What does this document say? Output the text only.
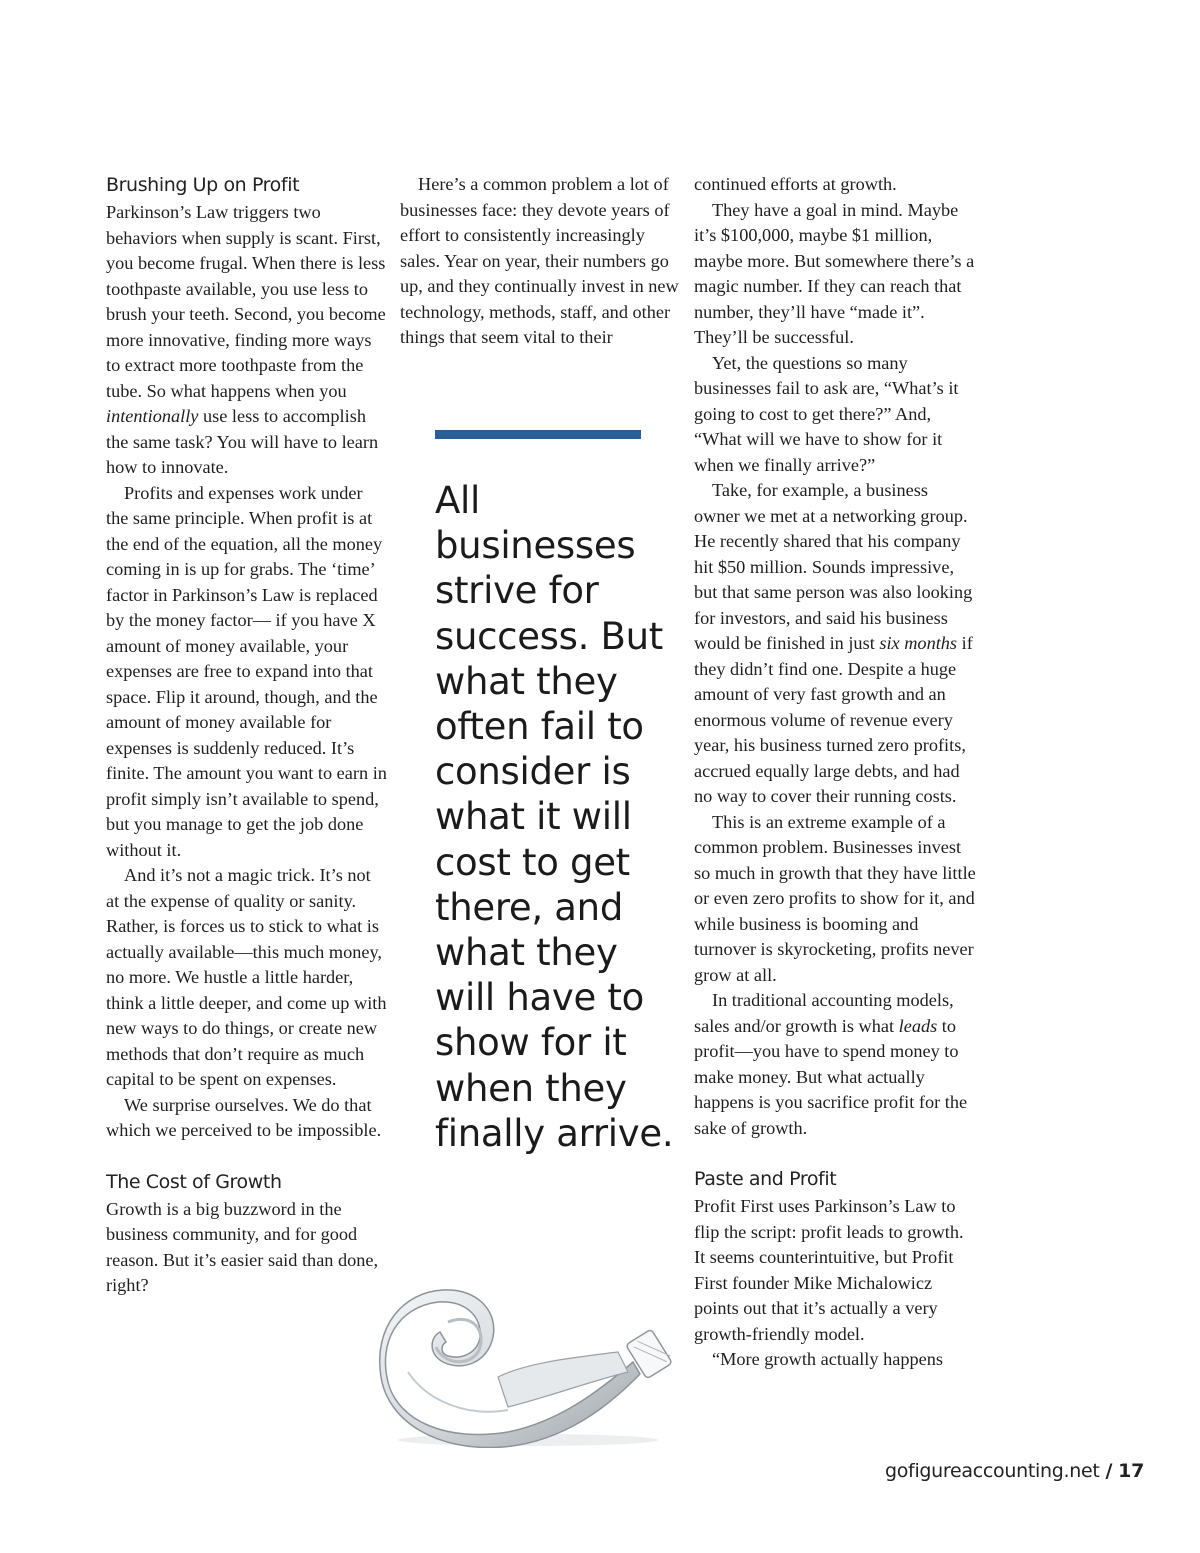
Brushing Up on Profit

Parkinson’s Law triggers two behaviors when supply is scant. First, you become frugal. When there is less toothpaste available, you use less to brush your teeth. Second, you become more innovative, finding more ways to extract more toothpaste from the tube. So what happens when you intentionally use less to accomplish the same task? You will have to learn how to innovate.

Profits and expenses work under the same principle. When profit is at the end of the equation, all the money coming in is up for grabs. The ‘time’ factor in Parkinson’s Law is replaced by the money factor— if you have X amount of money available, your expenses are free to expand into that space. Flip it around, though, and the amount of money available for expenses is suddenly reduced. It’s finite. The amount you want to earn in profit simply isn’t available to spend, but you manage to get the job done without it.

And it’s not a magic trick. It’s not at the expense of quality or sanity. Rather, is forces us to stick to what is actually available—this much money, no more. We hustle a little harder, think a little deeper, and come up with new ways to do things, or create new methods that don’t require as much capital to be spent on expenses.

We surprise ourselves. We do that which we perceived to be impossible.

The Cost of Growth

Growth is a big buzzword in the business community, and for good reason. But it’s easier said than done, right?

Here’s a common problem a lot of businesses face: they devote years of effort to consistently increasingly sales. Year on year, their numbers go up, and they continually invest in new technology, methods, staff, and other things that seem vital to their

All businesses strive for success. But what they often fail to consider is what it will cost to get there, and what they will have to show for it when they finally arrive.

continued efforts at growth.

They have a goal in mind. Maybe it’s $100,000, maybe $1 million, maybe more. But somewhere there’s a magic number. If they can reach that number, they’ll have “made it”. They’ll be successful.

Yet, the questions so many businesses fail to ask are, “What’s it going to cost to get there?” And, “What will we have to show for it when we finally arrive?”

Take, for example, a business owner we met at a networking group. He recently shared that his company hit $50 million. Sounds impressive, but that same person was also looking for investors, and said his business would be finished in just six months if they didn’t find one. Despite a huge amount of very fast growth and an enormous volume of revenue every year, his business turned zero profits, accrued equally large debts, and had no way to cover their running costs.

This is an extreme example of a common problem. Businesses invest so much in growth that they have little or even zero profits to show for it, and while business is booming and turnover is skyrocketing, profits never grow at all.

In traditional accounting models, sales and/or growth is what leads to profit—you have to spend money to make money. But what actually happens is you sacrifice profit for the sake of growth.

Paste and Profit

Profit First uses Parkinson’s Law to flip the script: profit leads to growth. It seems counterintuitive, but Profit First founder Mike Michalowicz points out that it’s actually a very growth-friendly model.

“More growth actually happens

gofigureaccounting.net / 17
